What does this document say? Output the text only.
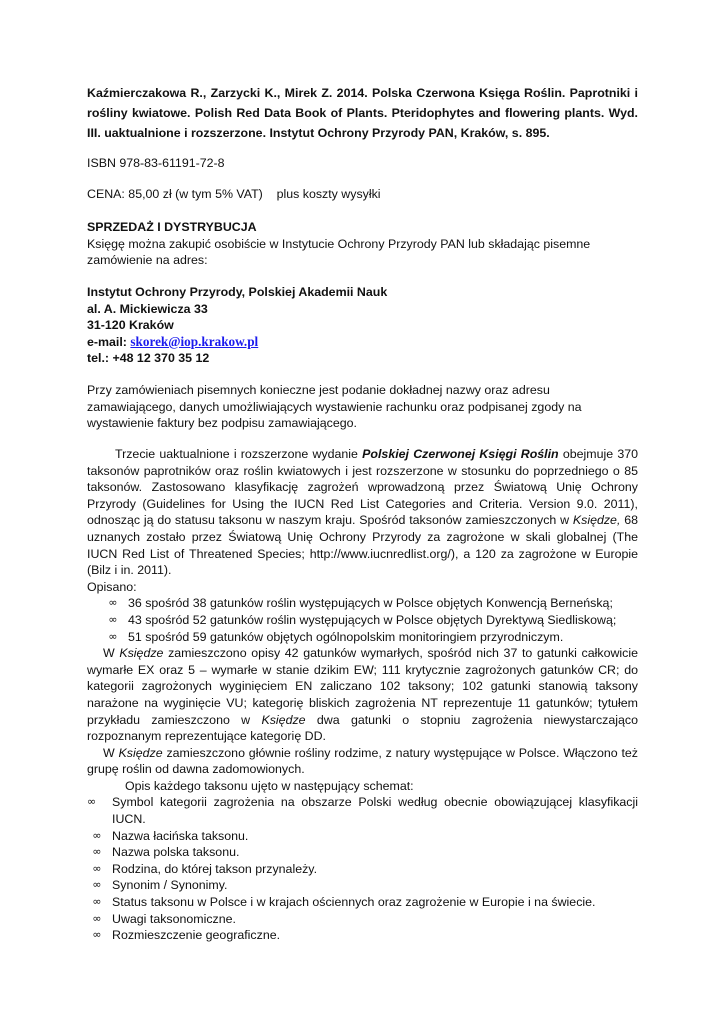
Kaźmierczakowa R., Zarzycki K., Mirek Z. 2014. Polska Czerwona Księga Roślin. Paprotniki i rośliny kwiatowe. Polish Red Data Book of Plants. Pteridophytes and flowering plants. Wyd. III. uaktualnione i rozszerzone. Instytut Ochrony Przyrody PAN, Kraków, s. 895.

ISBN 978-83-61191-72-8

CENA: 85,00 zł (w tym 5% VAT)    plus koszty wysyłki

SPRZEDAŻ I DYSTRYBUCJA
Księgę można zakupić osobiście w Instytucie Ochrony Przyrody PAN lub składając pisemne zamówienie na adres:
Instytut Ochrony Przyrody, Polskiej Akademii Nauk
al. A. Mickiewicza 33
31-120 Kraków
e-mail: skorek@iop.krakow.pl
tel.: +48 12 370 35 12

Przy zamówieniach pisemnych konieczne jest podanie dokładnej nazwy oraz adresu zamawiającego, danych umożliwiających wystawienie rachunku oraz podpisanej zgody na wystawienie faktury bez podpisu zamawiającego.

Trzecie uaktualnione i rozszerzone wydanie Polskiej Czerwonej Księgi Roślin obejmuje 370 taksonów paprotników oraz roślin kwiatowych i jest rozszerzone w stosunku do poprzedniego o 85 taksonów. Zastosowano klasyfikację zagrożeń wprowadzoną przez Światową Unię Ochrony Przyrody (Guidelines for Using the IUCN Red List Categories and Criteria. Version 9.0. 2011), odnosząc ją do statusu taksonu w naszym kraju. Spośród taksonów zamieszczonych w Księdze, 68 uznanych zostało przez Światową Unię Ochrony Przyrody za zagrożone w skali globalnej (The IUCN Red List of Threatened Species; http://www.iucnredlist.org/), a 120 za zagrożone w Europie (Bilz i in. 2011).

Opisano:
∞ 36 spośród 38 gatunków roślin występujących w Polsce objętych Konwencją Berneńską;
∞ 43 spośród 52 gatunków roślin występujących w Polsce objętych Dyrektywą Siedliskową;
∞ 51 spośród 59 gatunków objętych ogólnopolskim monitoringiem przyrodniczym.

W Księdze zamieszczono opisy 42 gatunków wymarłych, spośród nich 37 to gatunki całkowicie wymarłe EX oraz 5 – wymarłe w stanie dzikim EW; 111 krytycznie zagrożonych gatunków CR; do kategorii zagrożonych wyginięciem EN zaliczano 102 taksony; 102 gatunki stanowią taksony narażone na wyginięcie VU; kategorię bliskich zagrożenia NT reprezentuje 11 gatunków; tytułem przykładu zamieszczono w Księdze dwa gatunki o stopniu zagrożenia niewystarczająco rozpoznanym reprezentujące kategorię DD.

W Księdze zamieszczono głównie rośliny rodzime, z natury występujące w Polsce. Włączono też grupę roślin od dawna zadomowionych.

Opis każdego taksonu ujęto w następujący schemat:

∞	Symbol kategorii zagrożenia na obszarze Polski według obecnie obowiązującej klasyfikacji IUCN.
∞ Nazwa łacińska taksonu.
∞ Nazwa polska taksonu.
∞ Rodzina, do której takson przynależy.
∞ Synonim / Synonimy.
∞ Status taksonu w Polsce i w krajach ościennych oraz zagrożenie w Europie i na świecie.
∞ Uwagi taksonomiczne.
∞ Rozmieszczenie geograficzne.
